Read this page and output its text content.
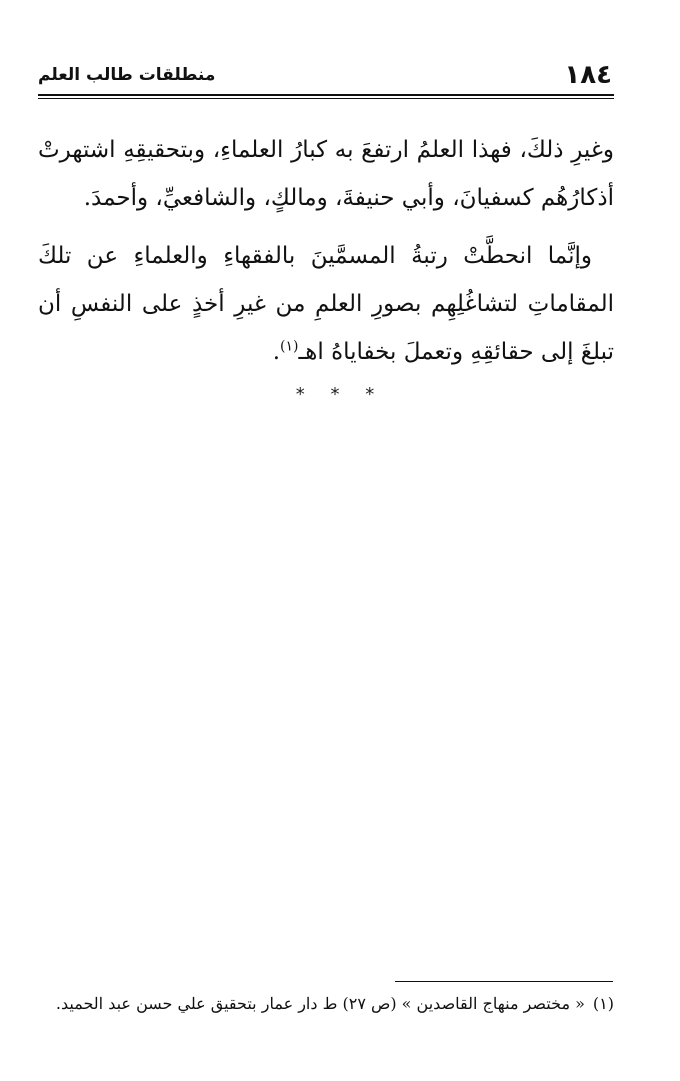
١٨٤
منطلقات طالب العلم

وغيرِ ذلكَ، فهذا العلمُ ارتفعَ به كبارُ العلماءِ، وبتحقيقِهِ اشتهرتْ أذكارُهُم كسفيانَ، وأبي حنيفةَ، ومالكٍ، والشافعيِّ، وأحمدَ.

وإنَّما انحطَّتْ رتبةُ المسمَّينَ بالفقهاءِ والعلماءِ عن تلكَ المقاماتِ لتشاغُلِهِم بصورِ العلمِ من غيرِ أخذٍ على النفسِ أن تبلغَ إلى حقائقِهِ وتعملَ بخفاياهُ اهـ$^{(١)}$.

* * *
(١)« مختصر منهاج القاصدين » (ص ٢٧) ط دار عمار بتحقيق علي حسن عبد الحميد.
